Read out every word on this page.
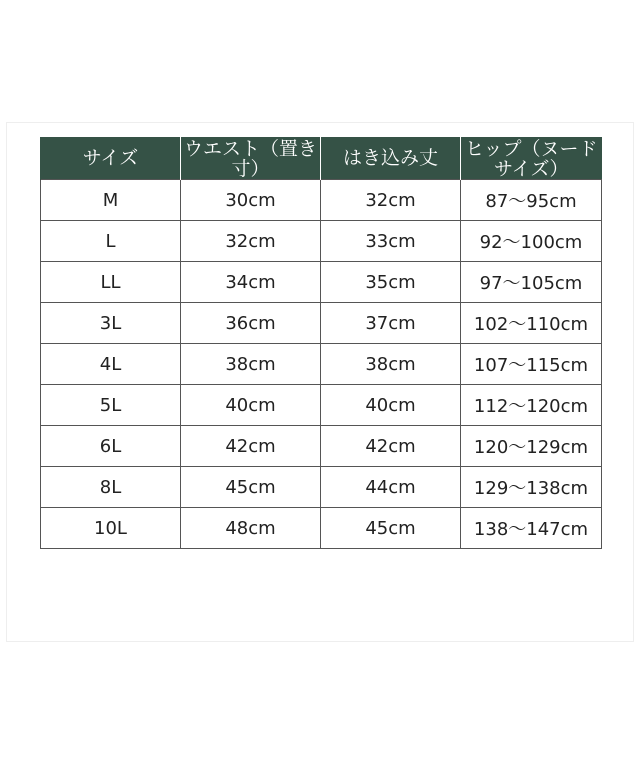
サイズ	ウエスト（置き寸）	はき込み丈	ヒップ（ヌードサイズ）

M	30cm	32cm	87～95cm
L	32cm	33cm	92～100cm
LL	34cm	35cm	97～105cm
3L	36cm	37cm	102～110cm
4L	38cm	38cm	107～115cm
5L	40cm	40cm	112～120cm
6L	42cm	42cm	120～129cm
8L	45cm	44cm	129～138cm
10L	48cm	45cm	138～147cm
